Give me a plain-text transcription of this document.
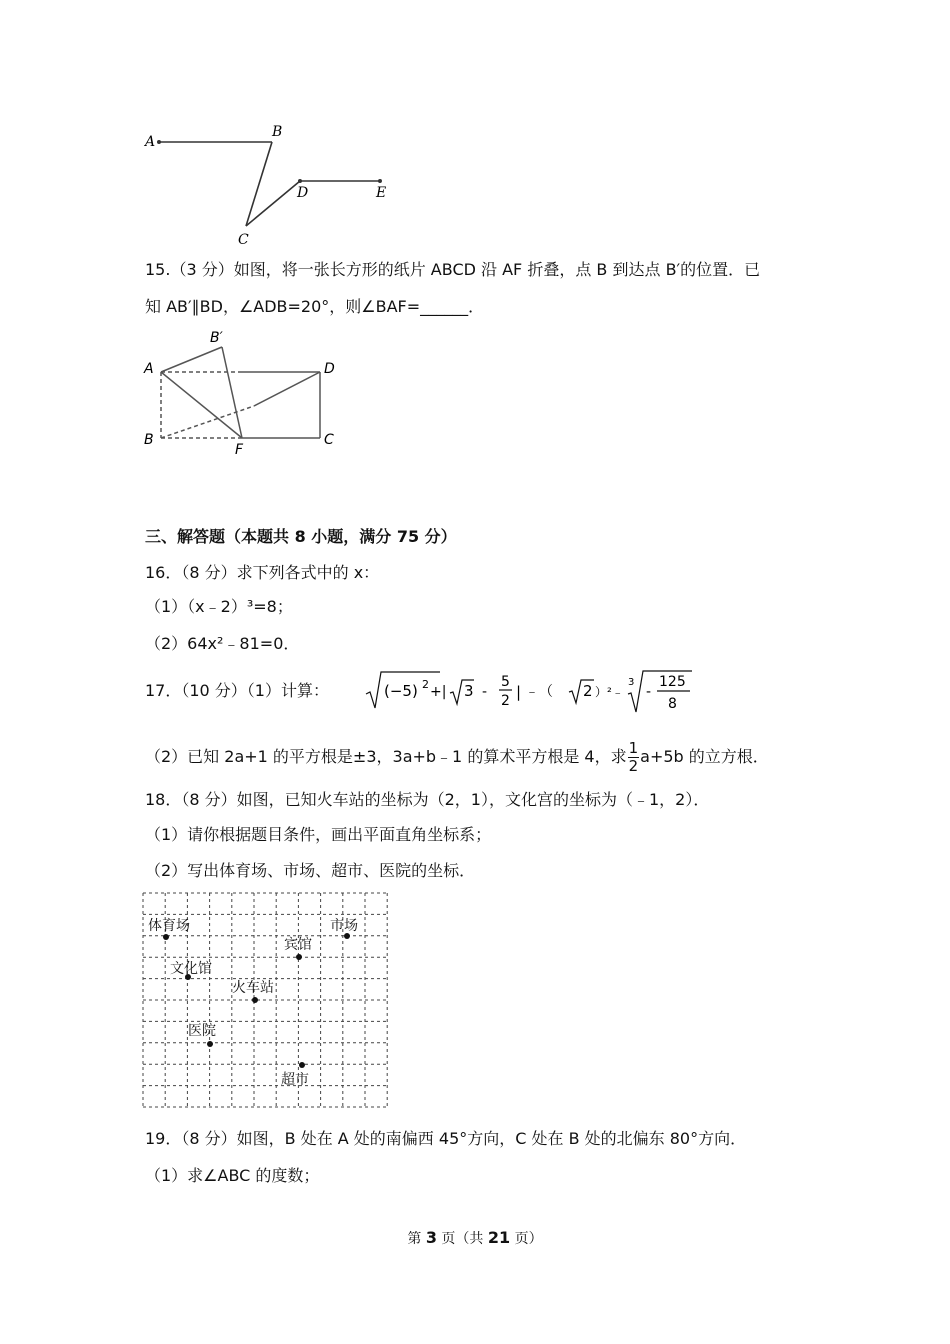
A
B
C
D	E
15.（3 分）如图，将一张长方形的纸片 ABCD 沿 AF 折叠，点 B 到达点 B′的位置．已
知 AB′∥BD，∠ADB=20°，则∠BAF=______．
A
B′
D
B
F
C
三、解答题（本题共 8 小题，满分 75 分）
16．（8 分）求下列各式中的 x：
（1）（x﹣2）³=8；
（2）64x²﹣81=0．
17．（10 分）（1）计算：	(−5) 2 +| 3 -
5
2 | ﹣（ 2 ）²﹣
3
-
125
8
（2）已知 2a+1 的平方根是±3，3a+b﹣1 的算术平方根是 4，求 $\frac{1}{2} a+5b$ 的立方根．
18．（8 分）如图，已知火车站的坐标为（2，1），文化宫的坐标为（﹣1，2）．
（1）请你根据题目条件，画出平面直角坐标系；
（2）写出体育场、市场、超市、医院的坐标．
体育场	市场
宾馆
文化馆
火车站
医院
超市
19．（8 分）如图，B 处在 A 处的南偏西 45°方向，C 处在 B 处的北偏东 80°方向．
（1）求∠ABC 的度数；
第 3 页（共 21 页）
